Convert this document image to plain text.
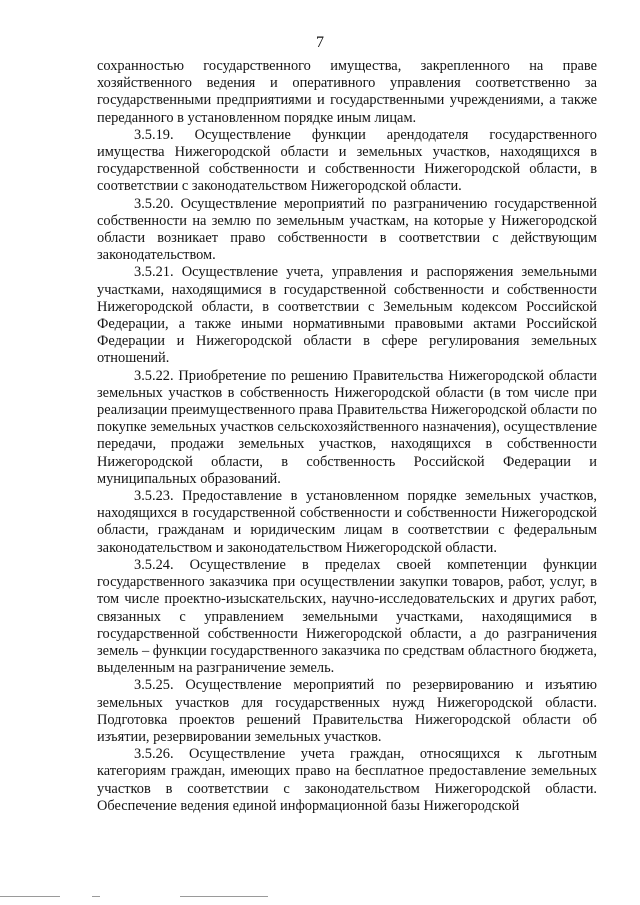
7

сохранностью государственного имущества, закрепленного на праве хозяйственного ведения и оперативного управления соответственно за государственными предприятиями и государственными учреждениями, а также переданного в установленном порядке иным лицам.

3.5.19. Осуществление функции арендодателя государственного имущества Нижегородской области и земельных участков, находящихся в государственной собственности и собственности Нижегородской области, в соответствии с законодательством Нижегородской области.

3.5.20. Осуществление мероприятий по разграничению государственной собственности на землю по земельным участкам, на которые у Нижегородской области возникает право собственности в соответствии с действующим законодательством.

3.5.21. Осуществление учета, управления и распоряжения земельными участками, находящимися в государственной собственности и собственности Нижегородской области, в соответствии с Земельным кодексом Российской Федерации, а также иными нормативными правовыми актами Российской Федерации и Нижегородской области в сфере регулирования земельных отношений.

3.5.22. Приобретение по решению Правительства Нижегородской области земельных участков в собственность Нижегородской области (в том числе при реализации преимущественного права Правительства Нижегородской области по покупке земельных участков сельскохозяйственного назначения), осуществление передачи, продажи земельных участков, находящихся в собственности Нижегородской области, в собственность Российской Федерации и муниципальных образований.

3.5.23. Предоставление в установленном порядке земельных участков, находящихся в государственной собственности и собственности Нижегородской области, гражданам и юридическим лицам в соответствии с федеральным законодательством и законодательством Нижегородской области.

3.5.24. Осуществление в пределах своей компетенции функции государственного заказчика при осуществлении закупки товаров, работ, услуг, в том числе проектно-изыскательских, научно-исследовательских и других работ, связанных с управлением земельными участками, находящимися в государственной собственности Нижегородской области, а до разграничения земель – функции государственного заказчика по средствам областного бюджета, выделенным на разграничение земель.

3.5.25. Осуществление мероприятий по резервированию и изъятию земельных участков для государственных нужд Нижегородской области. Подготовка проектов решений Правительства Нижегородской области об изъятии, резервировании земельных участков.

3.5.26. Осуществление учета граждан, относящихся к льготным категориям граждан, имеющих право на бесплатное предоставление земельных участков в соответствии с законодательством Нижегородской области. Обеспечение ведения единой информационной базы Нижегородской
